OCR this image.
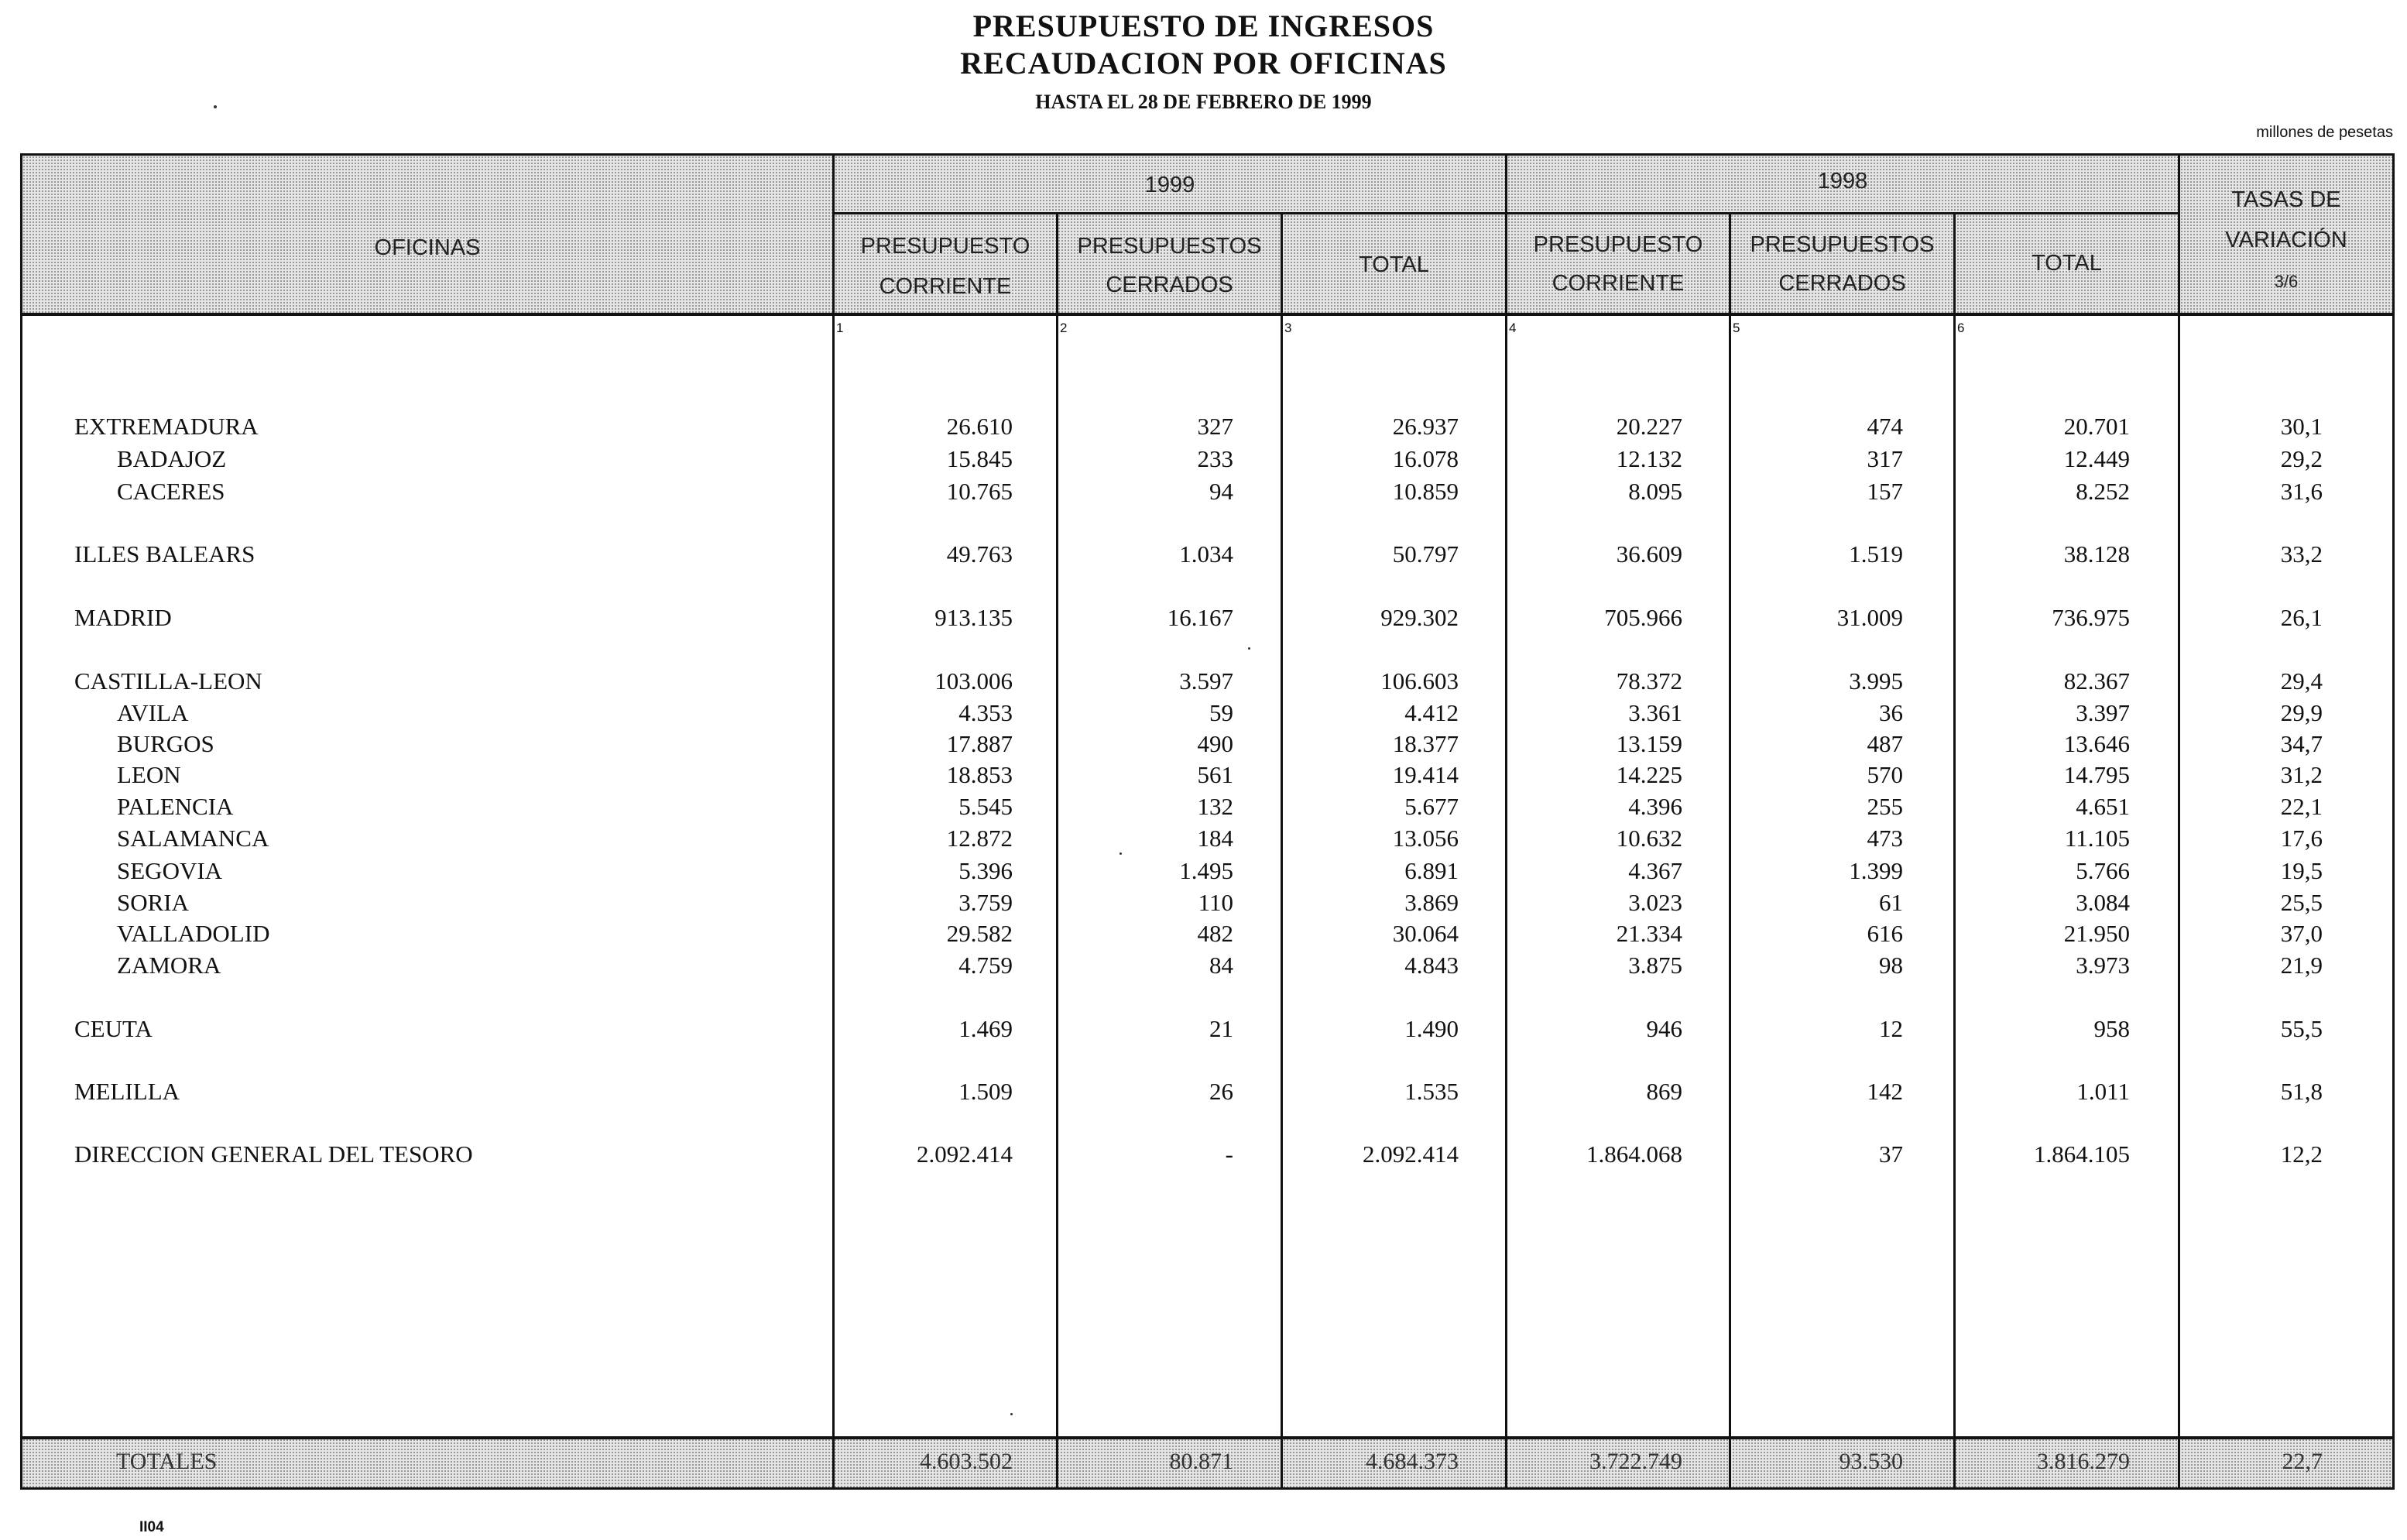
PRESUPUESTO DE INGRESOS
RECAUDACION POR OFICINAS
HASTA EL 28 DE FEBRERO DE 1999
millones de pesetas
OFICINAS
1999	1998
PRESUPUESTO
CORRIENTE
PRESUPUESTOS
CERRADOS
TOTAL
PRESUPUESTO
CORRIENTE
PRESUPUESTOS
CERRADOS
TOTAL
TASAS DE
VARIACIÓN
3/6
1	2	3	4	5	6
EXTREMADURA	26.610	327	26.937	20.227	474	20.701	30,1
BADAJOZ	15.845	233	16.078	12.132	317	12.449	29,2
CACERES	10.765	94	10.859	8.095	157	8.252	31,6
ILLES BALEARS	49.763	1.034	50.797	36.609	1.519	38.128	33,2
MADRID	913.135	16.167	929.302	705.966	31.009	736.975	26,1
CASTILLA-LEON	103.006	3.597	106.603	78.372	3.995	82.367	29,4
AVILA	4.353	59	4.412	3.361	36	3.397	29,9
BURGOS	17.887	490	18.377	13.159	487	13.646	34,7
LEON	18.853	561	19.414	14.225	570	14.795	31,2
PALENCIA	5.545	132	5.677	4.396	255	4.651	22,1
SALAMANCA	12.872	184	13.056	10.632	473	11.105	17,6
SEGOVIA	5.396	1.495	6.891	4.367	1.399	5.766	19,5
SORIA	3.759	110	3.869	3.023	61	3.084	25,5
VALLADOLID	29.582	482	30.064	21.334	616	21.950	37,0
ZAMORA	4.759	84	4.843	3.875	98	3.973	21,9
CEUTA	1.469	21	1.490	946	12	958	55,5
MELILLA	1.509	26	1.535	869	142	1.011	51,8
DIRECCION GENERAL DEL TESORO	2.092.414	-	2.092.414	1.864.068	37	1.864.105	12,2
TOTALES	4.603.502	80.871	4.684.373	3.722.749	93.530	3.816.279	22,7
II04
